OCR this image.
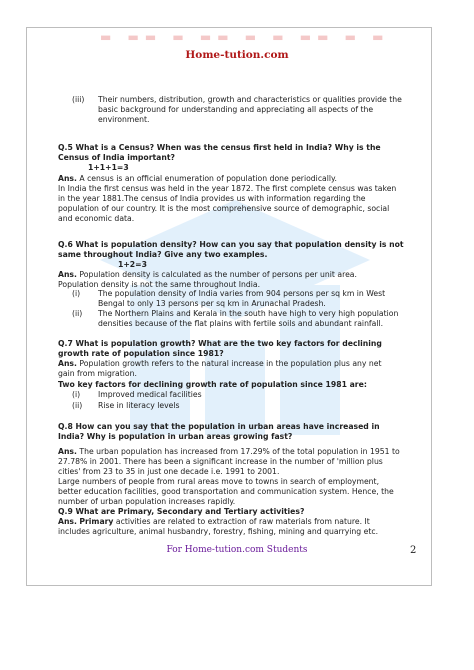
▬ ▬▬ ▬ ▬▬ ▬ ▬ ▬▬ ▬ ▬
Home-tution.com
(iii) Their numbers, distribution, growth and characteristics or qualities provide the
basic background for understanding and appreciating all aspects of the
environment.
Q.5 What is a Census? When was the census first held in India? Why is the
Census of India important?
1+1+1=3
Ans. A census is an official enumeration of population done periodically.
In India the first census was held in the year 1872. The first complete census was taken
in the year 1881.The census of India provides us with information regarding the
population of our country. It is the most comprehensive source of demographic, social
and economic data.
Q.6 What is population density? How can you say that population density is not
same throughout India? Give any two examples.
1+2=3
Ans. Population density is calculated as the number of persons per unit area.
Population density is not the same throughout India.
(i) The population density of India varies from 904 persons per sq km in West
Bengal to only 13 persons per sq km in Arunachal Pradesh.
(ii) The Northern Plains and Kerala in the south have high to very high population
densities because of the flat plains with fertile soils and abundant rainfall.
Q.7 What is population growth? What are the two key factors for declining
growth rate of population since 1981?
Ans. Population growth refers to the natural increase in the population plus any net
gain from migration.
Two key factors for declining growth rate of population since 1981 are:
(i) Improved medical facilities
(ii) Rise in literacy levels
Q.8 How can you say that the population in urban areas have increased in
India? Why is population in urban areas growing fast?
Ans. The urban population has increased from 17.29% of the total population in 1951 to
27.78% in 2001. There has been a significant increase in the number of 'million plus
cities' from 23 to 35 in just one decade i.e. 1991 to 2001.
Large numbers of people from rural areas move to towns in search of employment,
better education facilities, good transportation and communication system. Hence, the
number of urban population increases rapidly.
Q.9 What are Primary, Secondary and Tertiary activities?
Ans. Primary activities are related to extraction of raw materials from nature. It
includes agriculture, animal husbandry, forestry, fishing, mining and quarrying etc.
For Home-tution.com Students	2
